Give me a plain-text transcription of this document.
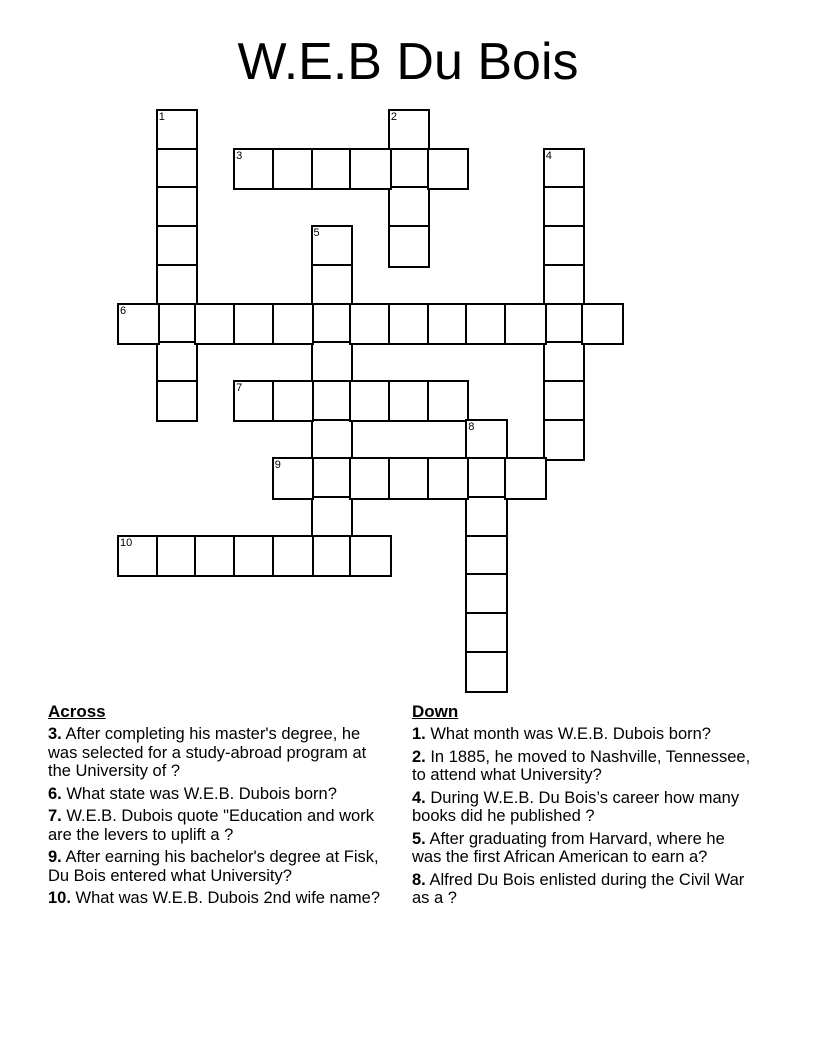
W.E.B Du Bois
1	2
3	4
5
6
7
8
9
10
Across
3. After completing his master's degree, he was selected for a study-abroad program at the University of ?
6. What state was W.E.B. Dubois born?
7. W.E.B. Dubois quote "Education and work are the levers to uplift a ?
9. After earning his bachelor's degree at Fisk, Du Bois entered what University?
10. What was W.E.B. Dubois 2nd wife name?
Down
1. What month was W.E.B. Dubois born?
2. In 1885, he moved to Nashville, Tennessee, to attend what University?
4. During W.E.B. Du Bois’s career how many books did he published ?
5. After graduating from Harvard, where he was the first African American to earn a?
8. Alfred Du Bois enlisted during the Civil War as a ?
